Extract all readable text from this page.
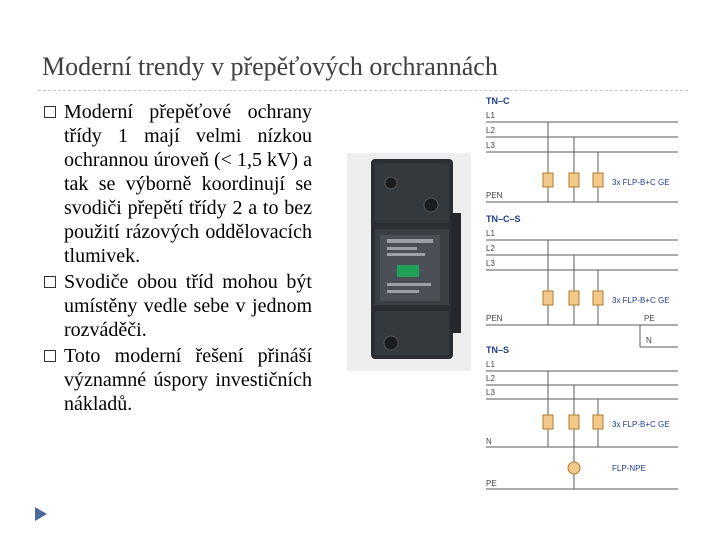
Moderní trendy v přepěťových orchrannách
Moderní přepěťové ochrany třídy 1 mají velmi nízkou ochrannou úroveň (< 1,5 kV) a tak se výborně koordinují se svodiči přepětí třídy 2 a to bez použití rázových oddělovacích tlumivek.
Svodiče obou tříd mohou být umístěny vedle sebe v jednom rozváděči.
Toto moderní řešení přináší významné úspory investičních nákladů.
TN–C
L1
L2
L3
PEN
3x FLP-B+C GE
TN–C–S
L1
L2
L3
PEN	PE
N
3x FLP-B+C GE
TN–S
L1
L2
L3
N
PE
3x FLP-B+C GE
FLP-NPE
